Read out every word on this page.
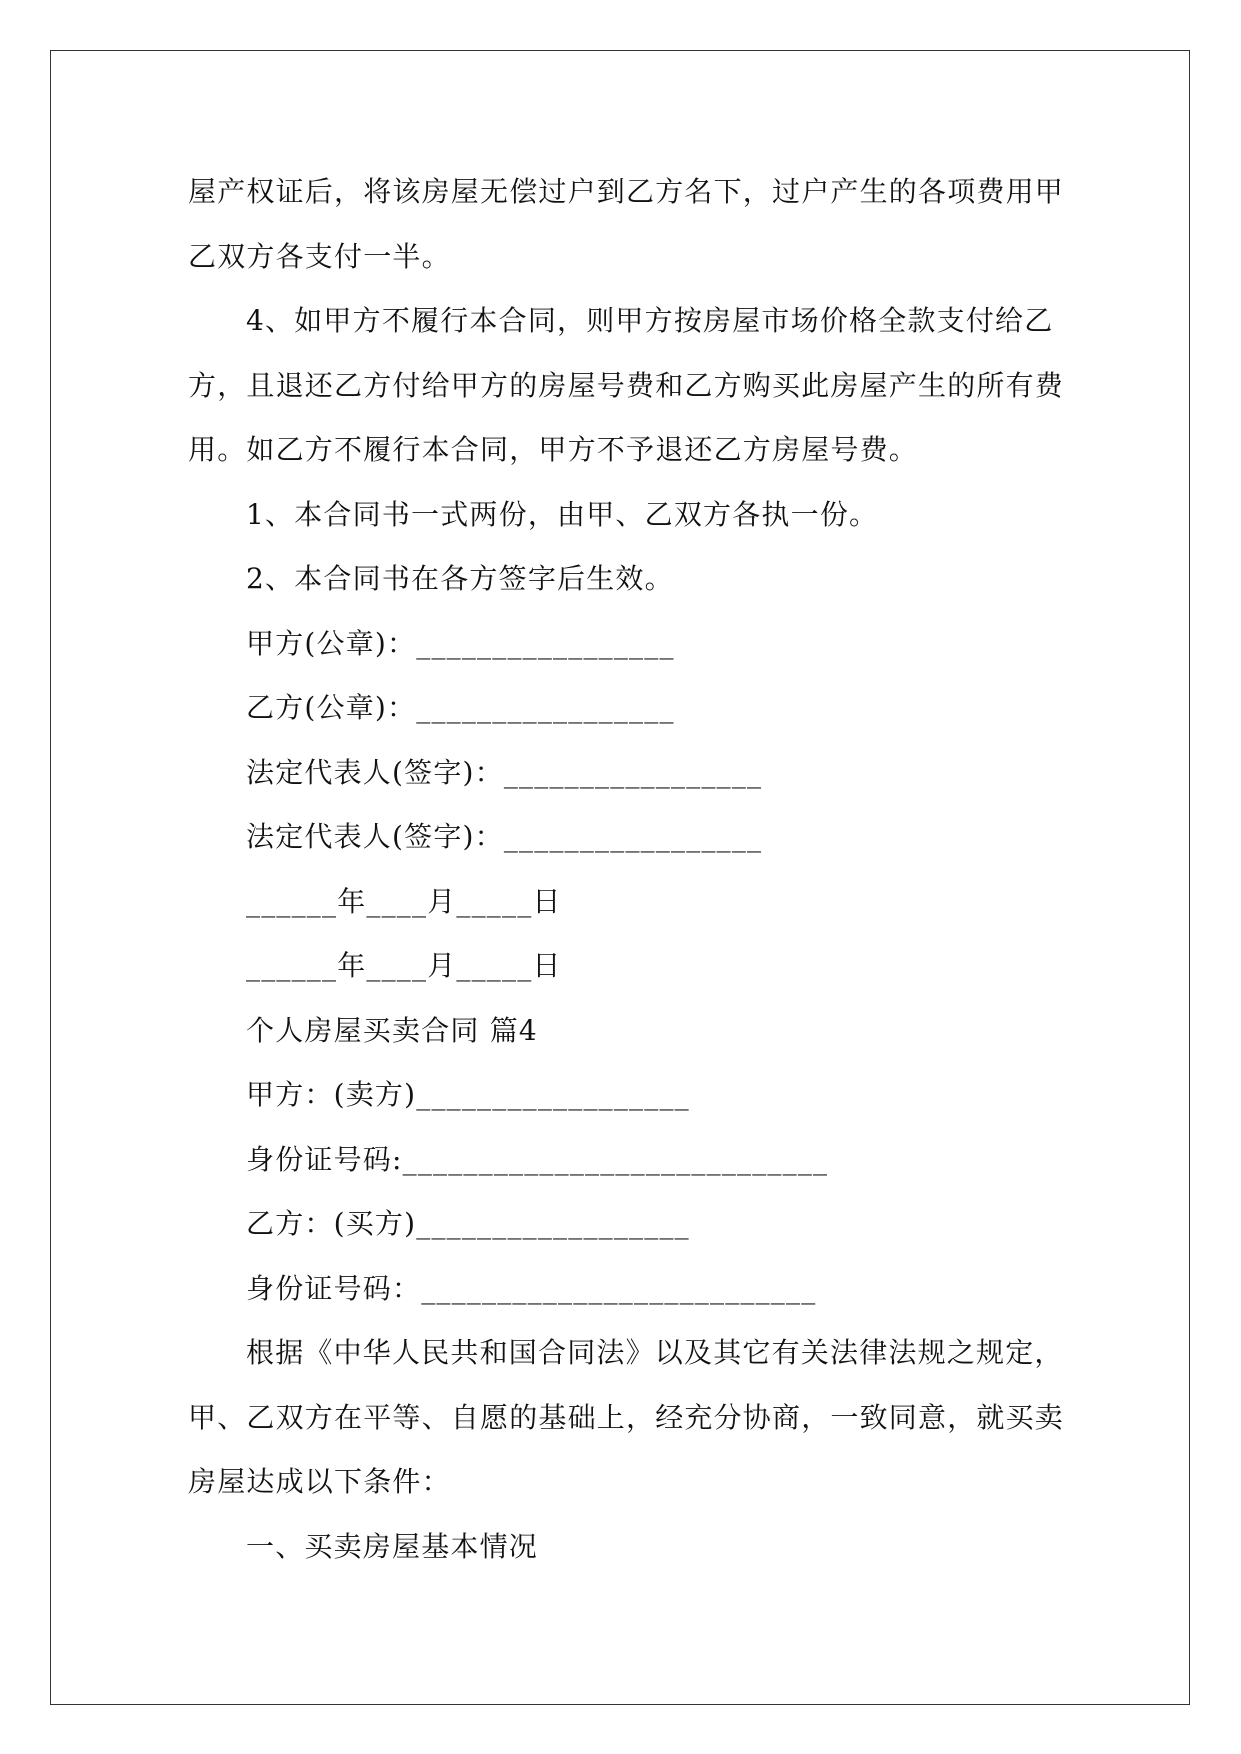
屋产权证后，将该房屋无偿过户到乙方名下，过户产生的各项费用甲
乙双方各支付一半。
4、如甲方不履行本合同，则甲方按房屋市场价格全款支付给乙
方，且退还乙方付给甲方的房屋号费和乙方购买此房屋产生的所有费
用。如乙方不履行本合同，甲方不予退还乙方房屋号费。
1、本合同书一式两份，由甲、乙双方各执一份。
2、本合同书在各方签字后生效。
甲方(公章)：_________________
乙方(公章)：_________________
法定代表人(签字)：_________________
法定代表人(签字)：_________________
______年____月_____日
______年____月_____日
个人房屋买卖合同 篇4
甲方：(卖方)__________________
身份证号码:____________________________
乙方：(买方)__________________
身份证号码：__________________________
根据《中华人民共和国合同法》以及其它有关法律法规之规定，
甲、乙双方在平等、自愿的基础上，经充分协商，一致同意，就买卖
房屋达成以下条件：
一、买卖房屋基本情况
